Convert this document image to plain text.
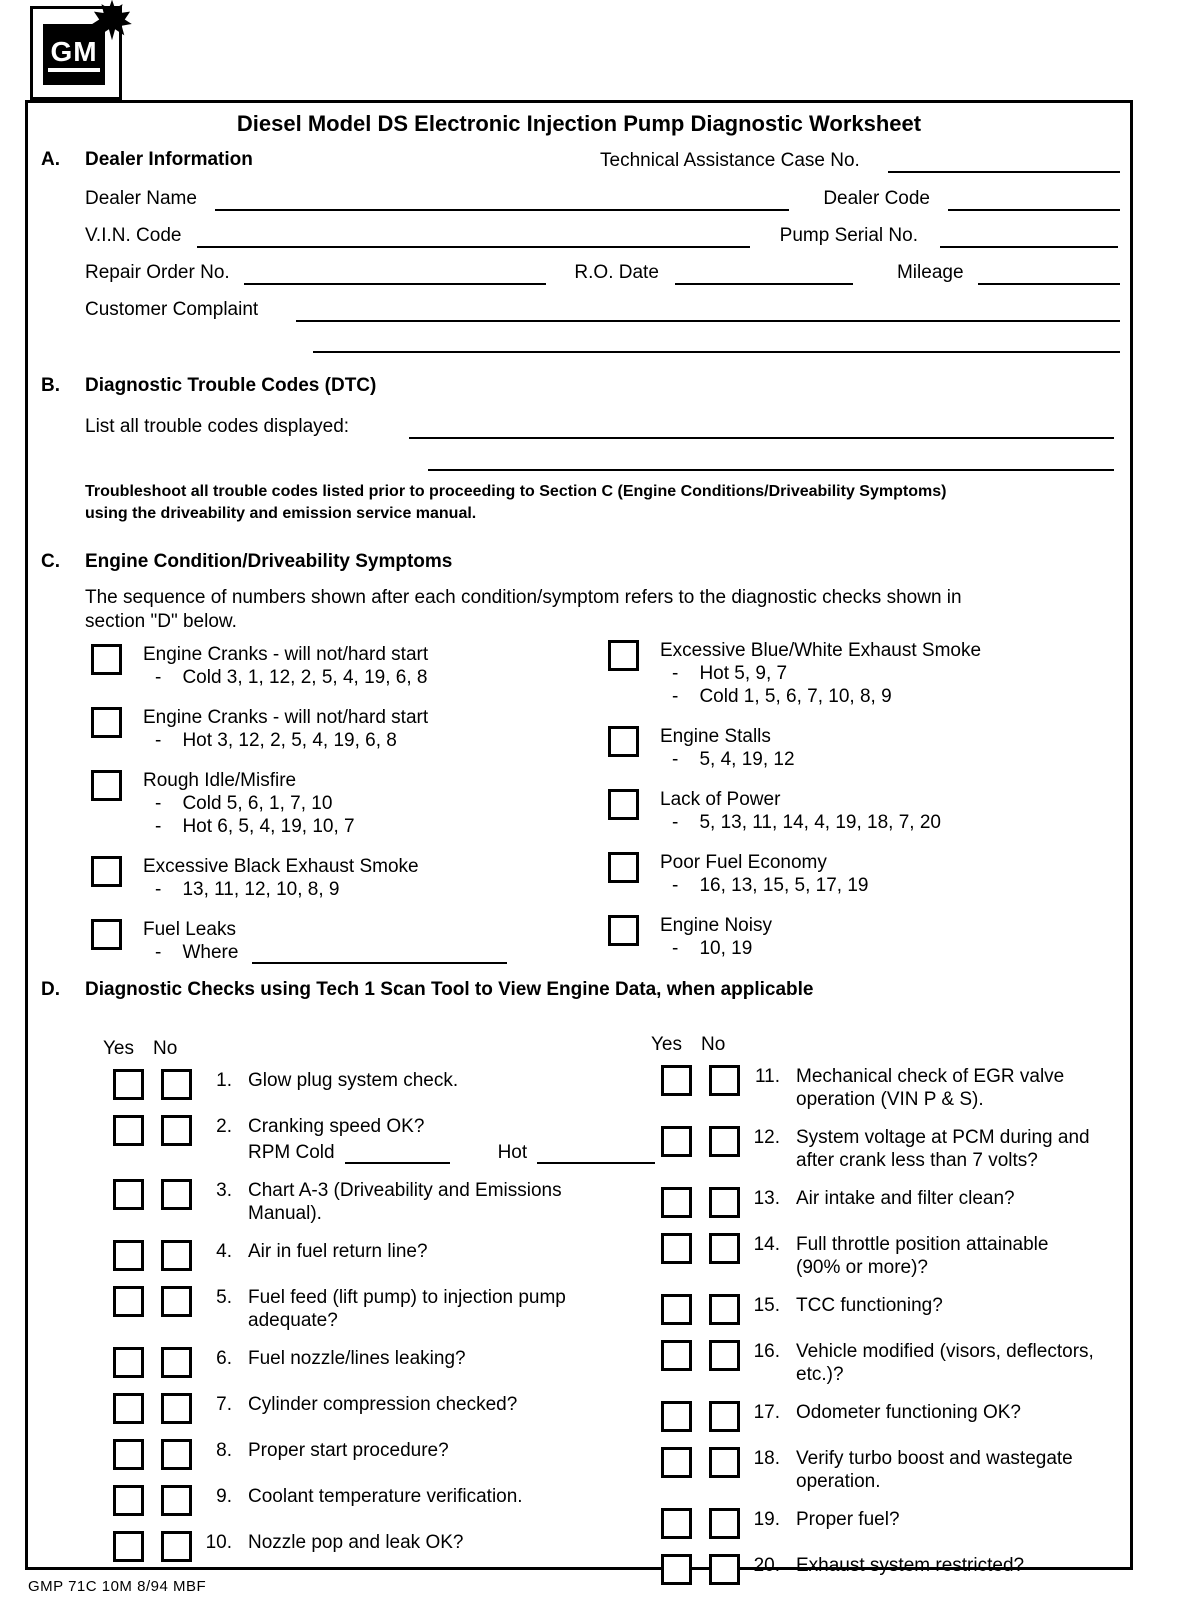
GM
Diesel Model DS Electronic Injection Pump Diagnostic Worksheet
A. Dealer Information	Technical Assistance Case No.
Dealer Name	Dealer Code
V.I.N. Code	Pump Serial No.
Repair Order No.	R.O. Date	Mileage
Customer Complaint
B. Diagnostic Trouble Codes (DTC)
List all trouble codes displayed:
Troubleshoot all trouble codes listed prior to proceeding to Section C (Engine Conditions/Driveability Symptoms)
using the driveability and emission service manual.
C. Engine Condition/Driveability Symptoms
The sequence of numbers shown after each condition/symptom refers to the diagnostic checks shown in
section "D" below.
Engine Cranks - will not/hard start
-    Cold 3, 1, 12, 2, 5, 4, 19, 6, 8
Engine Cranks - will not/hard start
-    Hot 3, 12, 2, 5, 4, 19, 6, 8
Rough Idle/Misfire
-    Cold 5, 6, 1, 7, 10
-    Hot 6, 5, 4, 19, 10, 7
Excessive Black Exhaust Smoke
-    13, 11, 12, 10, 8, 9
Fuel Leaks
-    Where
Excessive Blue/White Exhaust Smoke
-    Hot 5, 9, 7
-    Cold 1, 5, 6, 7, 10, 8, 9
Engine Stalls
-    5, 4, 19, 12
Lack of Power
-    5, 13, 11, 14, 4, 19, 18, 7, 20
Poor Fuel Economy
-    16, 13, 15, 5, 17, 19
Engine Noisy
-    10, 19
D. Diagnostic Checks using Tech 1 Scan Tool to View Engine Data, when applicable
Yes	No
1. Glow plug system check.
2. Cranking speed OK?
RPM Cold	Hot
3. Chart A-3 (Driveability and Emissions
Manual).
4. Air in fuel return line?
5. Fuel feed (lift pump) to injection pump
adequate?
6. Fuel nozzle/lines leaking?
7. Cylinder compression checked?
8. Proper start procedure?
9. Coolant temperature verification.
10. Nozzle pop and leak OK?
Yes	No
11. Mechanical check of EGR valve
operation (VIN P & S).
12. System voltage at PCM during and
after crank less than 7 volts?
13. Air intake and filter clean?
14. Full throttle position attainable
(90% or more)?
15. TCC functioning?
16. Vehicle modified (visors, deflectors,
etc.)?
17. Odometer functioning OK?
18. Verify turbo boost and wastegate
operation.
19. Proper fuel?
20. Exhaust system restricted?
GMP 71C 10M 8/94 MBF
